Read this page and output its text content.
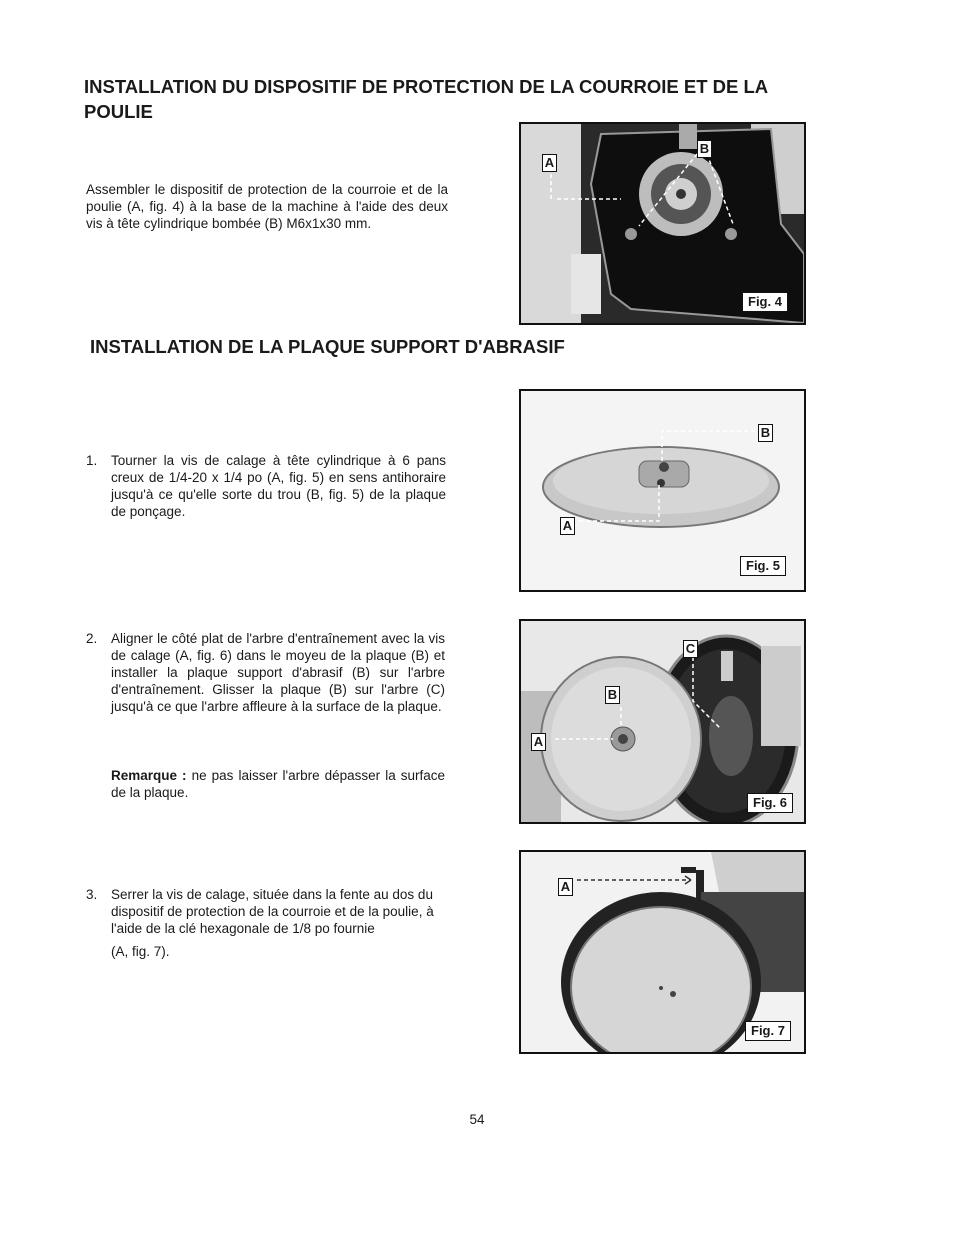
INSTALLATION DU DISPOSITIF DE PROTECTION DE LA COURROIE ET DE LA POULIE

Assembler le dispositif de protection de la courroie et de la poulie (A, fig. 4) à la base de la machine à l'aide des deux vis à tête cylindrique bombée (B) M6x1x30 mm.

INSTALLATION DE LA PLAQUE SUPPORT D'ABRASIF
1. Tourner la vis de calage à tête cylindrique à 6 pans creux de 1/4-20 x 1/4 po (A, fig. 5) en sens antihoraire jusqu'à ce qu'elle sorte du trou (B, fig. 5) de la plaque de ponçage.
2. Aligner le côté plat de l'arbre d'entraînement avec la vis de calage (A, fig. 6) dans le moyeu de la plaque (B) et installer la plaque support d'abrasif (B) sur l'arbre d'entraînement. Glisser la plaque (B) sur l'arbre (C) jusqu'à ce que l'arbre affleure à la surface de la plaque.
Remarque : ne pas laisser l'arbre dépasser la surface de la plaque.
3. Serrer la vis de calage, située dans la fente au dos du dispositif de protection de la courroie et de la poulie, à l'aide de la clé hexagonale de 1/8 po fournie
(A, fig. 7).
A
B
Fig. 4
B
A
Fig. 5
C
B
A
Fig. 6
A
Fig. 7
54
